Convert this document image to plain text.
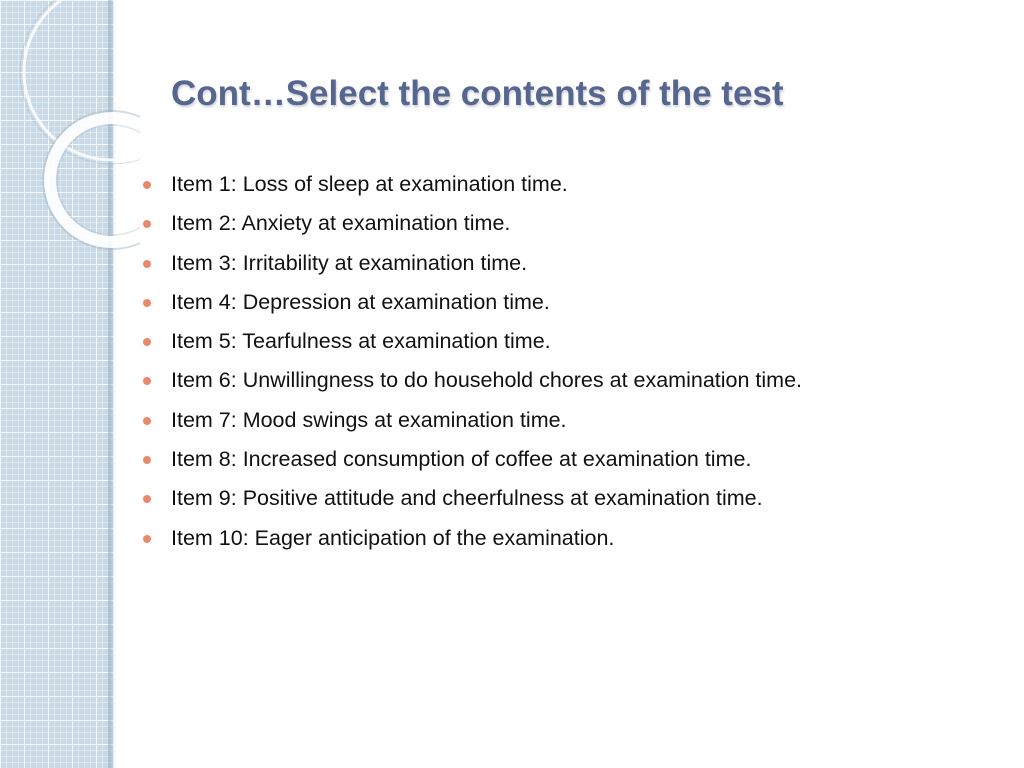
Cont…Select the contents of the test
Item 1: Loss of sleep at examination time.
Item 2: Anxiety at examination time.
Item 3: Irritability at examination time.
Item 4: Depression at examination time.
Item 5: Tearfulness at examination time.
Item 6: Unwillingness to do household chores at examination time.
Item 7: Mood swings at examination time.
Item 8: Increased consumption of coffee at examination time.
Item 9: Positive attitude and cheerfulness at examination time.
Item 10: Eager anticipation of the examination.
